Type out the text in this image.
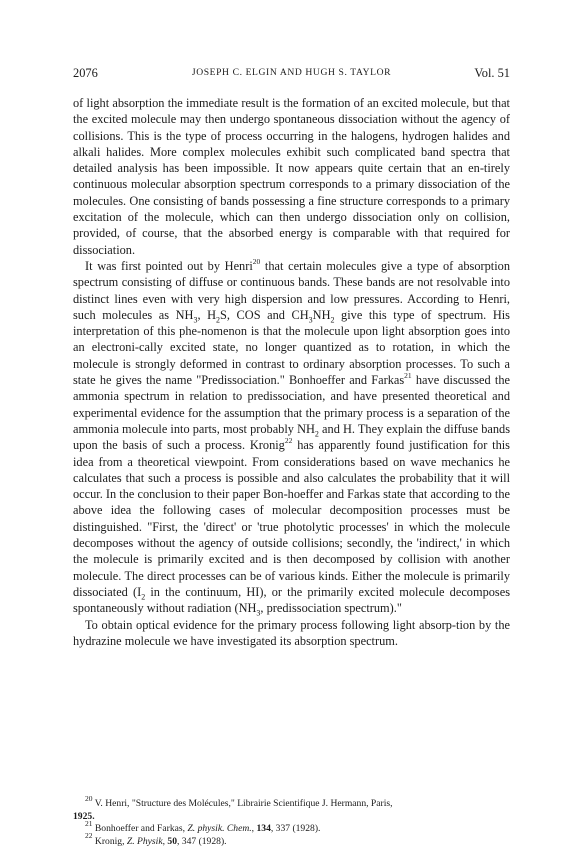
2076	JOSEPH C. ELGIN AND HUGH S. TAYLOR	Vol. 51

of light absorption the immediate result is the formation of an excited molecule, but that the excited molecule may then undergo spontaneous dissociation without the agency of collisions. This is the type of process occurring in the halogens, hydrogen halides and alkali halides. More complex molecules exhibit such complicated band spectra that detailed analysis has been impossible. It now appears quite certain that an en-tirely continuous molecular absorption spectrum corresponds to a primary dissociation of the molecules. One consisting of bands possessing a fine structure corresponds to a primary excitation of the molecule, which can then undergo dissociation only on collision, provided, of course, that the absorbed energy is comparable with that required for dissociation.

It was first pointed out by Henri$^{20}$ that certain molecules give a type of absorption spectrum consisting of diffuse or continuous bands. These bands are not resolvable into distinct lines even with very high dispersion and low pressures. According to Henri, such molecules as $NH_3$, $H_2S$, COS and $CH_3NH_2$ give this type of spectrum. His interpretation of this phe-nomenon is that the molecule upon light absorption goes into an electroni-cally excited state, no longer quantized as to rotation, in which the molecule is strongly deformed in contrast to ordinary absorption processes. To such a state he gives the name "Predissociation." Bonhoeffer and Farkas$^{21}$ have discussed the ammonia spectrum in relation to predissociation, and have presented theoretical and experimental evidence for the assumption that the primary process is a separation of the ammonia molecule into parts, most probably $NH_2$ and H. They explain the diffuse bands upon the basis of such a process. Kronig$^{22}$ has apparently found justification for this idea from a theoretical viewpoint. From considerations based on wave mechanics he calculates that such a process is possible and also calculates the probability that it will occur. In the conclusion to their paper Bon-hoeffer and Farkas state that according to the above idea the following cases of molecular decomposition processes must be distinguished. "First, the 'direct' or 'true photolytic processes' in which the molecule decomposes without the agency of outside collisions; secondly, the 'indirect,' in which the molecule is primarily excited and is then decomposed by collision with another molecule. The direct processes can be of various kinds. Either the molecule is primarily dissociated ($I_2$ in the continuum, HI), or the primarily excited molecule decomposes spontaneously without radiation ($NH_3$, predissociation spectrum)."

To obtain optical evidence for the primary process following light absorp-tion by the hydrazine molecule we have investigated its absorption spectrum.

$^{20}$ V. Henri, "Structure des Molécules," Librairie Scientifique J. Hermann, Paris,

1925.

$^{21}$ Bonhoeffer and Farkas, Z. physik. Chem., 134, 337 (1928).

$^{22}$ Kronig, Z. Physik, 50, 347 (1928).
